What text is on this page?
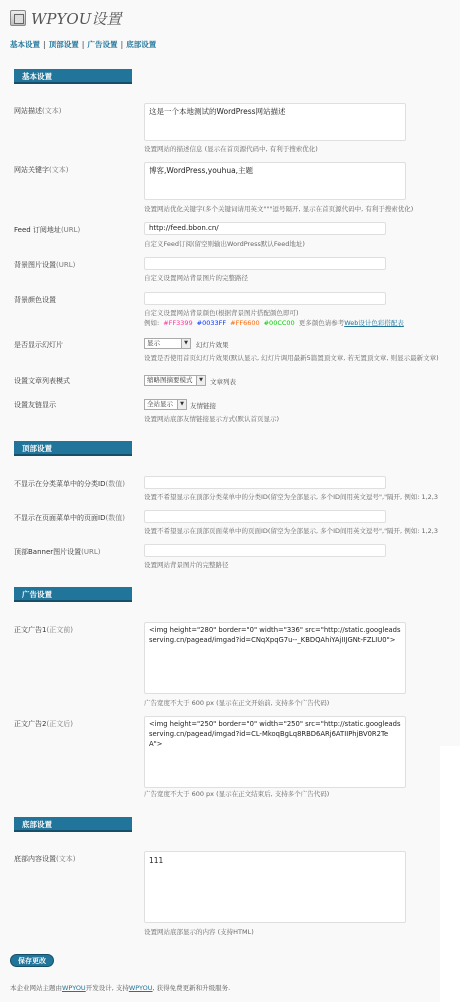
WPYOU设置
基本设置 | 顶部设置 | 广告设置 | 底部设置
基本设置
网站描述(文本)	这是一个本地测试的WordPress网站描述
设置网站的描述信息 (显示在首页源代码中, 有利于搜索优化)
网站关键字(文本)	博客,WordPress,youhua,主题
设置网站优化关键字(多个关键词请用英文"""逗号隔开, 显示在首页源代码中, 有利于搜索优化)
Feed 订阅地址(URL)	http://feed.bbon.cn/
自定义Feed订阅(留空则输出WordPress默认Feed地址)
背景图片设置(URL)
自定义设置网站背景图片的完整路径
背景颜色设置
自定义设置网站背景颜色(根据背景图片搭配颜色即可)
例如: #FF3399 #0033FF #FF6600 #00CC00 更多颜色请参考Web设计色彩搭配表
是否显示幻灯片	显示	▼	幻灯片效果
设置是否使用首页幻灯片效果(默认显示, 幻灯片调用最新5篇置顶文章, 若无置顶文章, 则显示最新文章)
设置文章列表模式	缩略图摘要模式	▼	文章列表
设置友链显示	全站显示	▼ 友情链接
设置网站底部友情链接显示方式(默认首页显示)
顶部设置
不显示在分类菜单中的分类ID(数值)
设置不希望显示在顶部分类菜单中的分类ID(留空为全部显示, 多个ID间用英文逗号","隔开, 例如: 1,2,3
不显示在页面菜单中的页面ID(数值)
设置不希望显示在顶部页面菜单中的页面ID(留空为全部显示, 多个ID间用英文逗号","隔开, 例如: 1,2,3
顶部Banner图片设置(URL)
设置网站背景图片的完整路径
广告设置
正文广告1(正文前)	<img height="280" border="0" width="336" src="http://static.googleadsserving.cn/pagead/imgad?id=CNqXpqG7u--_KBDQAhiYAjIIJGNt-FZLIU0">
广告宽度不大于 600 px (显示在正文开始前, 支持多个广告代码)
正文广告2(正文后)	<img height="250" border="0" width="250" src="http://static.googleadsserving.cn/pagead/imgad?id=CL-MkoqBgLq8RBD6ARj6ATIIPhjBV0R2TeA">
广告宽度不大于 600 px (显示在正文结束后, 支持多个广告代码)
底部设置
底部内容设置(文本)	111
设置网站底部显示的内容 (支持HTML)
保存更改
本企业网站主题由WPYOU开发设计, 支持WPYOU, 获得免费更新和升级服务.
